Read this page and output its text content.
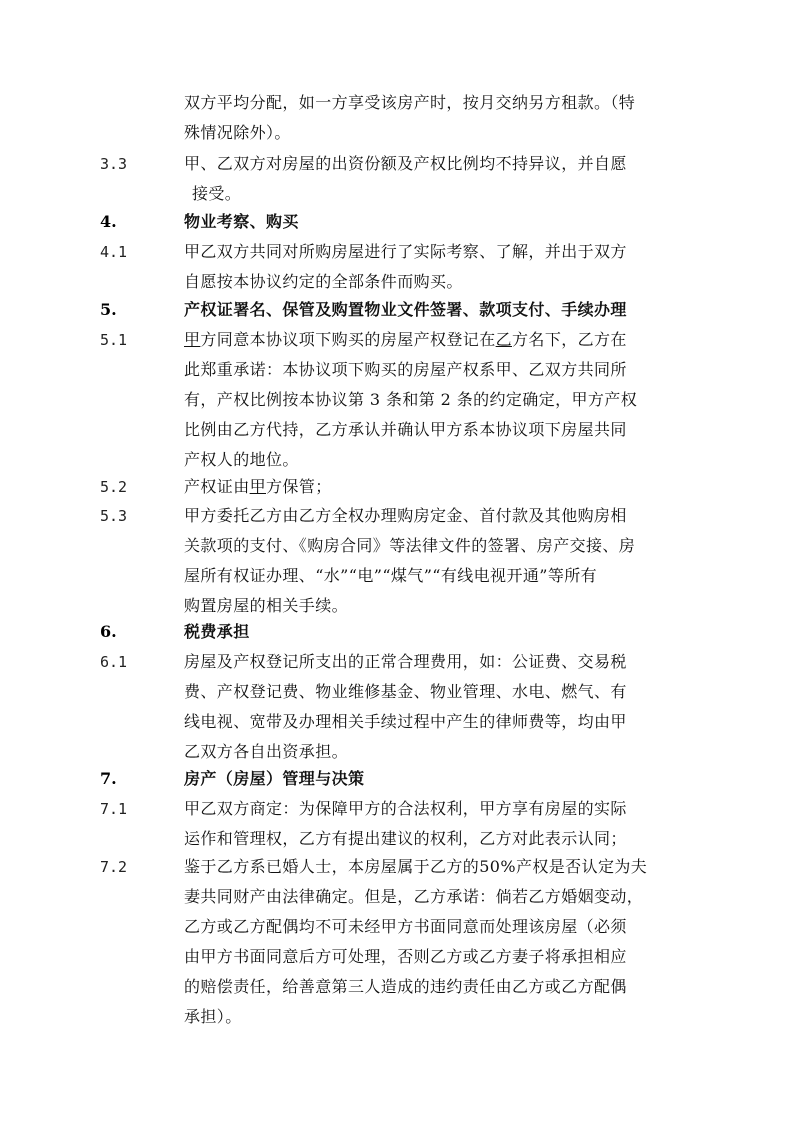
双方平均分配，如一方享受该房产时，按月交纳另方租款。（特
殊情况除外）。
3.3	甲、乙双方对房屋的出资份额及产权比例均不持异议，并自愿
接受。
4.	物业考察、购买
4.1	甲乙双方共同对所购房屋进行了实际考察、了解，并出于双方
自愿按本协议约定的全部条件而购买。
5.	产权证署名、保管及购置物业文件签署、款项支付、手续办理
5.1	甲方同意本协议项下购买的房屋产权登记在乙方名下，乙方在
此郑重承诺：本协议项下购买的房屋产权系甲、乙双方共同所
有，产权比例按本协议第 3 条和第 2 条的约定确定，甲方产权
比例由乙方代持，乙方承认并确认甲方系本协议项下房屋共同
产权人的地位。
5.2	产权证由甲方保管；
5.3	甲方委托乙方由乙方全权办理购房定金、首付款及其他购房相
关款项的支付、《购房合同》等法律文件的签署、房产交接、房
屋所有权证办理、“水”“电”“煤气”“有线电视开通”等所有
购置房屋的相关手续。
6.	税费承担
6.1	房屋及产权登记所支出的正常合理费用，如：公证费、交易税
费、产权登记费、物业维修基金、物业管理、水电、燃气、有
线电视、宽带及办理相关手续过程中产生的律师费等，均由甲
乙双方各自出资承担。
7.	房产（房屋）管理与决策
7.1	甲乙双方商定：为保障甲方的合法权利，甲方享有房屋的实际
运作和管理权，乙方有提出建议的权利，乙方对此表示认同；
7.2	鉴于乙方系已婚人士，本房屋属于乙方的50%产权是否认定为夫
妻共同财产由法律确定。但是，乙方承诺：倘若乙方婚姻变动，
乙方或乙方配偶均不可未经甲方书面同意而处理该房屋（必须
由甲方书面同意后方可处理，否则乙方或乙方妻子将承担相应
的赔偿责任，给善意第三人造成的违约责任由乙方或乙方配偶
承担）。
